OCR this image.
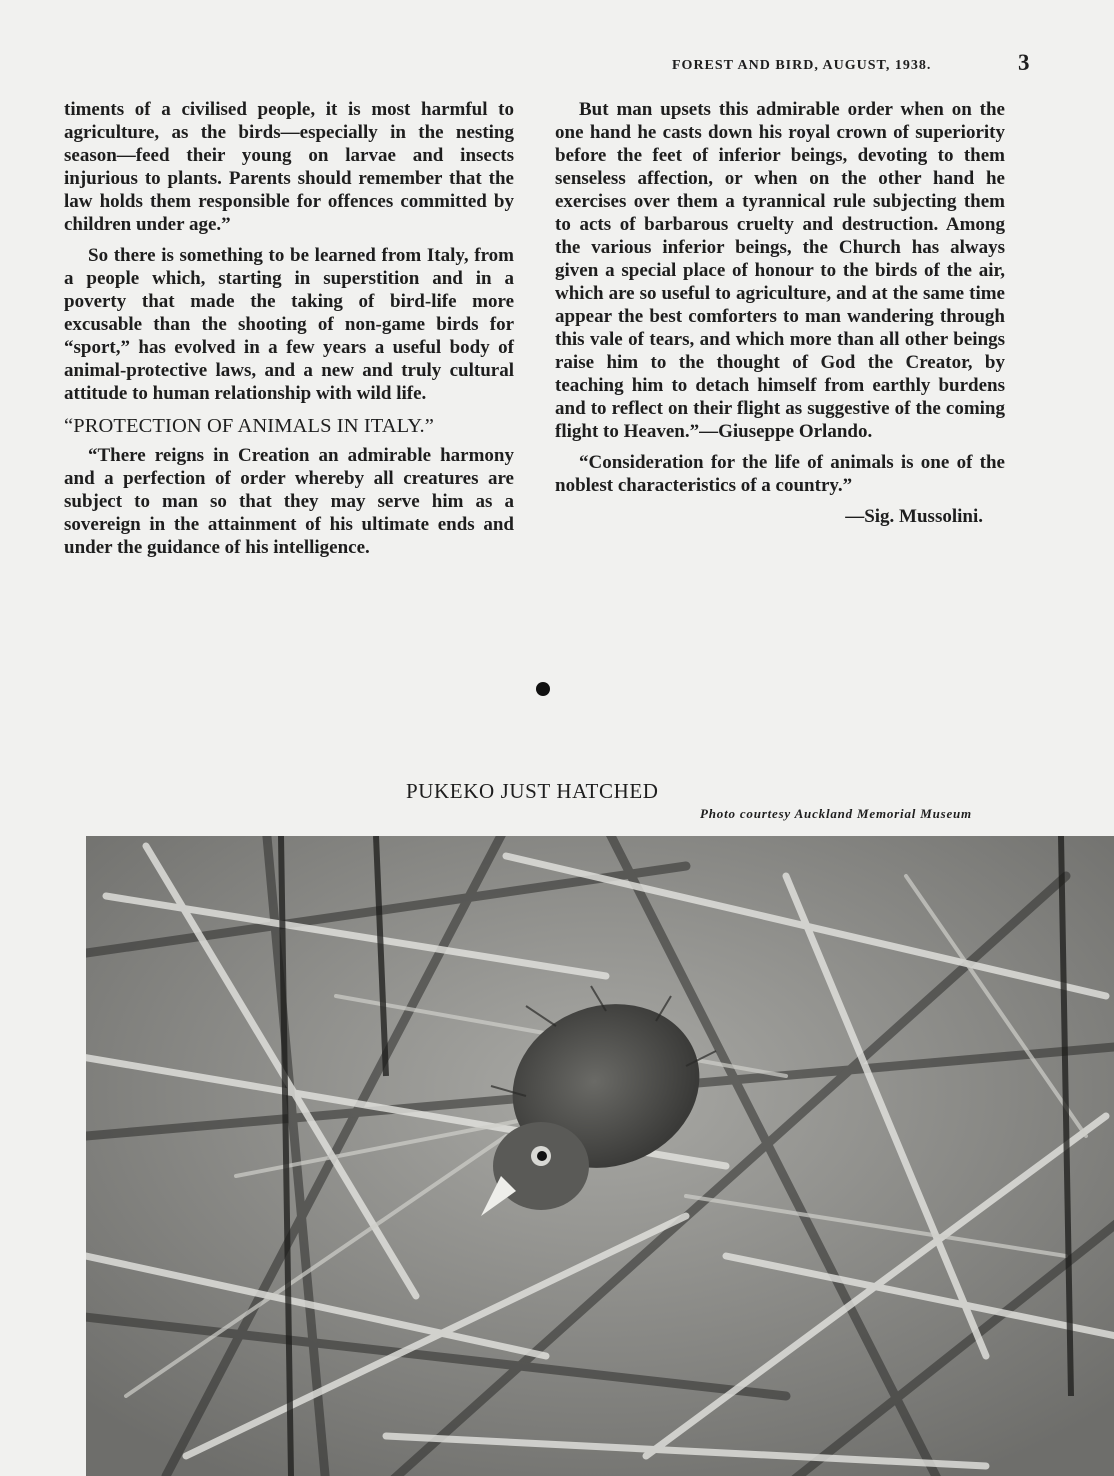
FOREST AND BIRD, AUGUST, 1938.	3

timents of a civilised people, it is most harmful to agriculture, as the birds—especially in the nesting season—feed their young on larvae and insects injurious to plants. Parents should remember that the law holds them responsible for offences committed by children under age.”

So there is something to be learned from Italy, from a people which, starting in superstition and in a poverty that made the taking of bird-life more excusable than the shooting of non-game birds for “sport,” has evolved in a few years a useful body of animal-protective laws, and a new and truly cultural attitude to human relationship with wild life.

“PROTECTION OF ANIMALS IN ITALY.”

“There reigns in Creation an admirable harmony and a perfection of order whereby all creatures are subject to man so that they may serve him as a sovereign in the attainment of his ultimate ends and under the guidance of his intelligence.

But man upsets this admirable order when on the one hand he casts down his royal crown of superiority before the feet of inferior beings, devoting to them senseless affection, or when on the other hand he exercises over them a tyrannical rule subjecting them to acts of barbarous cruelty and destruction. Among the various inferior beings, the Church has always given a special place of honour to the birds of the air, which are so useful to agriculture, and at the same time appear the best comforters to man wandering through this vale of tears, and which more than all other beings raise him to the thought of God the Creator, by teaching him to detach himself from earthly burdens and to reflect on their flight as suggestive of the coming flight to Heaven.”—Giuseppe Orlando.

“Consideration for the life of animals is one of the noblest characteristics of a country.”

—Sig. Mussolini.

PUKEKO JUST HATCHED
Photo courtesy Auckland Memorial Museum
